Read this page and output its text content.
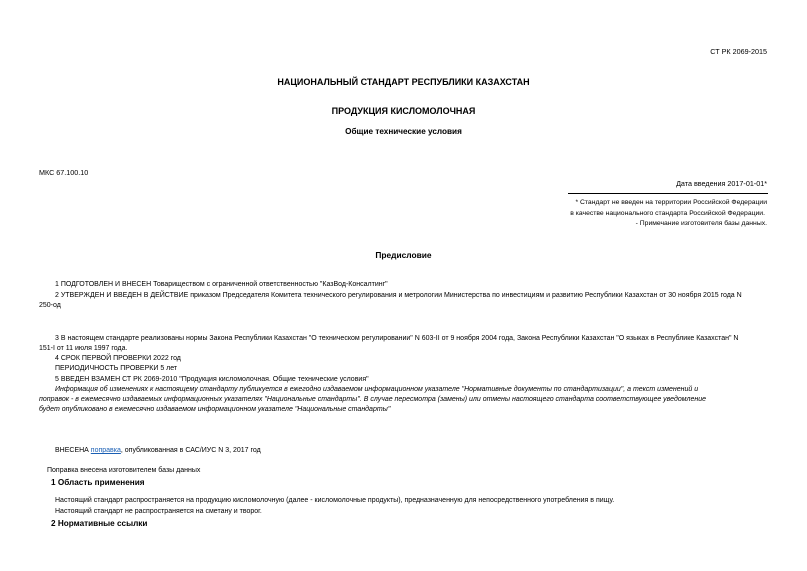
СТ РК 2069-2015
НАЦИОНАЛЬНЫЙ СТАНДАРТ РЕСПУБЛИКИ КАЗАХСТАН
ПРОДУКЦИЯ КИСЛОМОЛОЧНАЯ
Общие технические условия
МКС 67.100.10
Дата введения 2017-01-01*
* Стандарт не введен на территории Российской Федерации
в качестве национального стандарта Российской Федерации.
- Примечание изготовителя базы данных.
Предисловие
1 ПОДГОТОВЛЕН И ВНЕСЕН Товариществом с ограниченной ответственностью "КазВод-Консалтинг"
2 УТВЕРЖДЕН И ВВЕДЕН В ДЕЙСТВИЕ приказом Председателя Комитета технического регулирования и метрологии Министерства по инвестициям и развитию Республики Казахстан от 30 ноября 2015 года N
250-од
3 В настоящем стандарте реализованы нормы Закона Республики Казахстан "О техническом регулировании" N 603-II от 9 ноября 2004 года, Закона Республики Казахстан "О языках в Республике Казахстан" N
151-I от 11 июля 1997 года.
4 СРОК ПЕРВОЙ ПРОВЕРКИ 2022 год
ПЕРИОДИЧНОСТЬ ПРОВЕРКИ 5 лет
5 ВВЕДЕН ВЗАМЕН СТ РК 2069-2010 "Продукция кисломолочная. Общие технические условия"
Информация об изменениях к настоящему стандарту публикуется в ежегодно издаваемом информационном указателе "Нормативные документы по стандартизации", а текст изменений и
поправок - в ежемесячно издаваемых информационных указателях "Национальные стандарты". В случае пересмотра (замены) или отмены настоящего стандарта соответствующее уведомление
будет опубликовано в ежемесячно издаваемом информационном указателе "Национальные стандарты"
ВНЕСЕНА поправка, опубликованная в САС/ИУС N 3, 2017 год
Поправка внесена изготовителем базы данных
1 Область применения
Настоящий стандарт распространяется на продукцию кисломолочную (далее - кисломолочные продукты), предназначенную для непосредственного употребления в пищу.
Настоящий стандарт не распространяется на сметану и творог.
2 Нормативные ссылки
